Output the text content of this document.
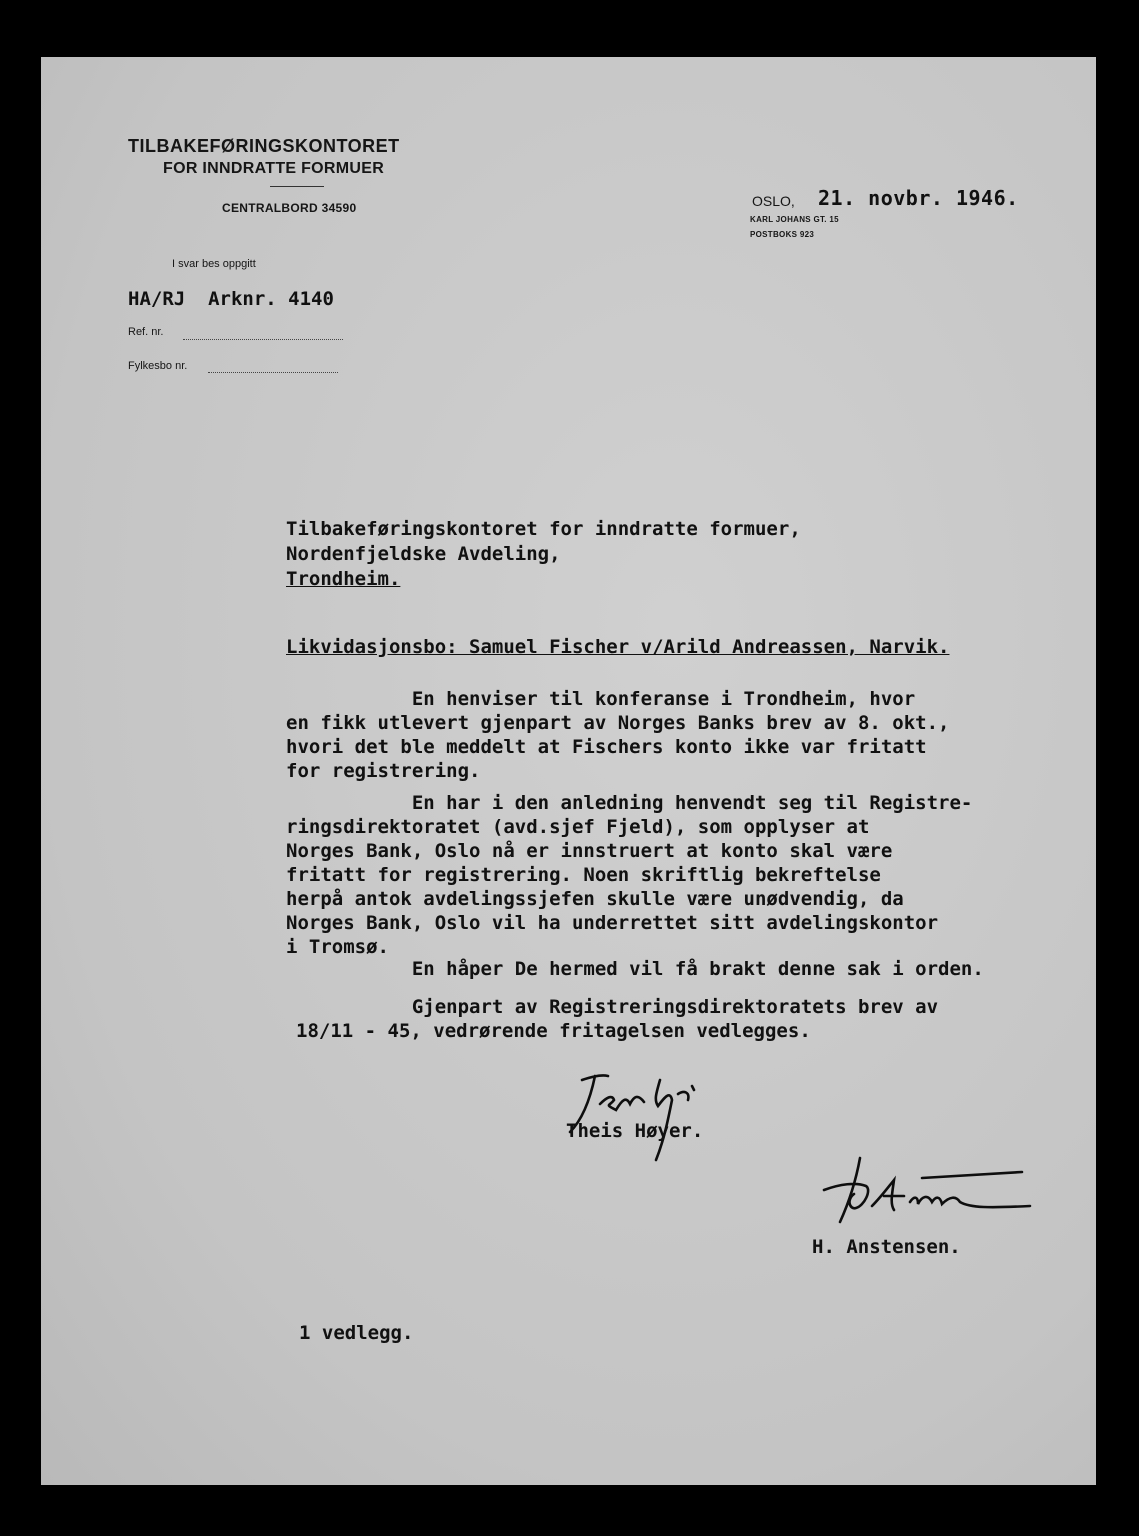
TILBAKEFØRINGSKONTORET
FOR INNDRATTE FORMUER
CENTRALBORD 34590	OSLO, 21. novbr. 1946.
KARL JOHANS GT. 15
POSTBOKS 923
I svar bes oppgitt
HA/RJ  Arknr. 4140
Ref. nr.
Fylkesbo nr.
Tilbakeføringskontoret for inndratte formuer,
Nordenfjeldske Avdeling,
Trondheim.
Likvidasjonsbo: Samuel Fischer v/Arild Andreassen, Narvik.
En henviser til konferanse i Trondheim, hvor
en fikk utlevert gjenpart av Norges Banks brev av 8. okt.,
hvori det ble meddelt at Fischers konto ikke var fritatt
for registrering.
En har i den anledning henvendt seg til Registre-
ringsdirektoratet (avd.sjef Fjeld), som opplyser at
Norges Bank, Oslo nå er innstruert at konto skal være
fritatt for registrering. Noen skriftlig bekreftelse
herpå antok avdelingssjefen skulle være unødvendig, da
Norges Bank, Oslo vil ha underrettet sitt avdelingskontor
i Tromsø.
En håper De hermed vil få brakt denne sak i orden.
Gjenpart av Registreringsdirektoratets brev av
18/11 - 45, vedrørende fritagelsen vedlegges.
Theis Høyer.
H. Anstensen.
1 vedlegg.
